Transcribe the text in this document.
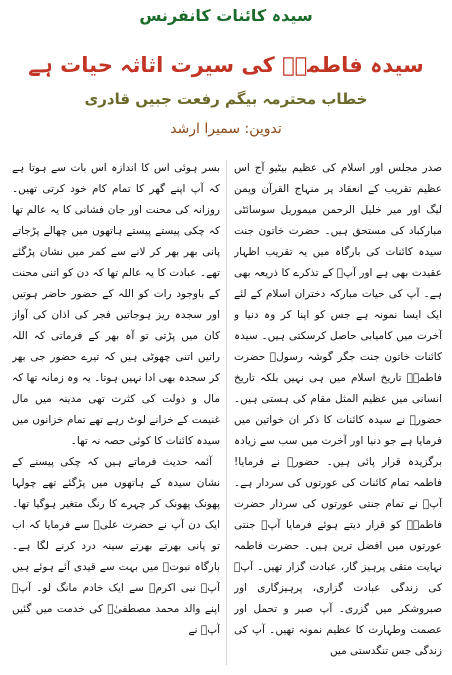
سیدہ کائنات کانفرنس
سیدہ فاطمہؑ کی سیرت اثاثہ حیات ہے
خطاب محترمہ بیگم رفعت جبیں قادری
تدوین: سمیرا ارشد

صدر مجلس اور اسلام کی عظیم بیٹیو آج اس عظیم تقریب کے انعقاد پر منہاج القرآن ویمن لیگ اور میر خلیل الرحمن میموریل سوسائٹی مبارکباد کی مستحق ہیں۔ حضرت خاتون جنت سیدہ کائنات کی بارگاہ میں یہ تقریب اظہار عقیدت بھی ہے اور آپؑ کے تذکرے کا ذریعہ بھی ہے۔ آپ کی حیات مبارکہ دختران اسلام کے لئے ایک ایسا نمونہ ہے جس کو اپنا کر وہ دنیا و آخرت میں کامیابی حاصل کرسکتی ہیں۔ سیدہ کائنات خاتون جنت جگر گوشہ رسولؐ حضرت فاطمہؑ تاریخ اسلام میں ہی نہیں بلکہ تاریخ انسانی میں عظیم المثل مقام کی ہستی ہیں۔ حضورؐ نے سیدہ کائنات کا ذکر ان خواتین میں فرمایا ہے جو دنیا اور آخرت میں سب سے زیادہ برگزیدہ قرار پائی ہیں۔ حضورؐ نے فرمایا! فاطمہ تمام کائنات کی عورتوں کی سردار ہے۔ آپؐ نے تمام جنتی عورتوں کی سردار حضرت فاطمہؑ کو قرار دیتے ہوئے فرمایا آپؑ جنتی عورتوں میں افضل ترین ہیں۔ حضرت فاطمہ نہایت متقی پرہیز گار، عبادت گزار تھیں۔ آپؑ کی زندگی عبادت گزاری، پرہیزگاری اور صبروشکر میں گزری۔ آپ صبر و تحمل اور عصمت وطہارت کا عظیم نمونہ تھیں۔ آپ کی زندگی جس تنگدستی میں

بسر ہوئی اس کا اندازہ اس بات سے ہوتا ہے کہ آپ اپنے گھر کا تمام کام خود کرتی تھیں۔ روزانہ کی محنت اور جان فشانی کا یہ عالم تھا کہ چکی پیستے پیستے ہاتھوں میں چھالے پڑجاتے پانی بھر بھر کر لانے سے کمر میں نشان پڑگئے تھے۔ عبادت کا یہ عالم تھا کہ دن کو اتنی محنت کے باوجود رات کو اللہ کے حضور حاضر ہوتیں اور سجدہ ریز ہوجاتیں فجر کی اذان کی آواز کان میں پڑتی تو آہ بھر کے فرماتی کہ اللہ راتیں اتنی چھوٹی ہیں کہ تیرے حضور جی بھر کر سجدہ بھی ادا نہیں ہوتا۔ یہ وہ زمانہ تھا کہ مال و دولت کی کثرت تھی مدینہ میں مال غنیمت کے خزانے لوٹ رہے تھے تمام خزانوں میں سیدہ کائنات کا کوئی حصہ نہ تھا۔

آئمہ حدیث فرماتے ہیں کہ چکی پیسنے کے نشان سیدہ کے ہاتھوں میں پڑگئے تھے چولہا پھونک پھونک کر چہرے کا رنگ متغیر ہوگیا تھا۔ ایک دن آپ نے حضرت علیؑ سے فرمایا کہ اب تو پانی بھرتے بھرتے سینہ درد کرنے لگا ہے۔ بارگاہ نبوتؐ میں بہت سے قیدی آئے ہوئے ہیں آپؑ نبی اکرمؐ سے ایک خادم مانگ لو۔ آپؑ اپنے والد محمد مصطفیٰؐ کی خدمت میں گئیں آپؐ نے
